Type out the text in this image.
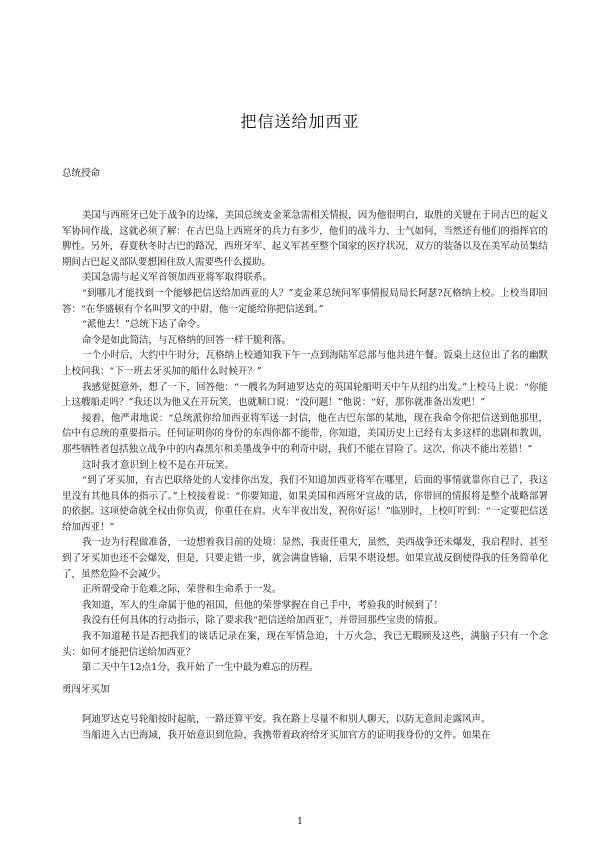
把信送给加西亚
总统授命

美国与西班牙已处于战争的边缘，美国总统麦金莱急需相关情报，因为他很明白，取胜的关键在于同古巴的起义军协同作战，这就必须了解：在古巴岛上西班牙的兵力有多少，他们的战斗力、士气如何，当然还有他们的指挥官的脾性。另外，春夏秋冬时古巴的路况，西班牙军、起义军甚至整个国家的医疗状况，双方的装备以及在美军动员集结期间古巴起义部队要想困住敌人需要些什么援助。

美国急需与起义军首领加西亚将军取得联系。

“到哪儿才能找到一个能够把信送给加西亚的人？”麦金莱总统问军事情报局局长阿瑟?瓦格纳上校。上校当即回答：“在华盛顿有个名叫罗文的中尉，他一定能给你把信送到。”

“派他去！”总统下达了命令。

命令是如此简洁，与瓦格纳的回答一样干脆利落。

一个小时后，大约中午时分，瓦格纳上校通知我下午一点到海陆军总部与他共进午餐。饭桌上这位出了名的幽默上校问我：“下一班去牙买加的船什么时候开？”

我感觉挺意外，想了一下，回答他：“一艘名为阿迪罗达克的英国轮船明天中午从纽约出发。”上校马上说：“你能上这艘船走吗？”我还以为他又在开玩笑，也就顺口说：“没问题！”他说：“好，那你就准备出发吧！”

接着，他严肃地说：“总统派你给加西亚将军送一封信，他在古巴东部的某地，现在我命令你把信送到他那里，信中有总统的重要指示。任何证明你的身份的东西你都不能带，你知道，美国历史上已经有太多这样的悲剧和教训，那些牺牲者包括独立战争中的内森黑尔和美墨战争中的利奇中尉，我们不能在冒险了。这次，你决不能出差错！”

这时我才意识到上校不是在开玩笑。

“到了牙买加，有古巴联络处的人安排你出发，我们不知道加西亚将军在哪里，后面的事情就靠你自己了，我这里没有其他具体的指示了。”上校接着说：“你要知道，如果美国和西班牙宣战的话，你带回的情报将是整个战略部署的依据。这项使命就全权由你负责，你重任在肩。火车半夜出发，祝你好运！”临别时，上校叮咛到：“一定要把信送给加西亚！”

我一边为行程做准备，一边想着我目前的处境：显然，我责任重大，虽然，美西战争还未爆发，我启程时、甚至到了牙买加也还不会爆发，但是，只要走错一步，就会满盘皆输，后果不堪设想。如果宣战反倒使得我的任务简单化了，虽然危险不会减少。

正所谓受命于危难之际，荣誉和生命系于一发。

我知道，军人的生命属于他的祖国，但他的荣誉掌握在自己手中，考验我的时候到了！

我没有任何具体的行动指示，除了要求我“把信送给加西亚”，并带回那些宝贵的情报。

我不知道秘书是否把我们的谈话记录在案，现在军情急迫，十万火急，我已无暇顾及这些，满脑子只有一个念头：如何才能把信送给加西亚？

第二天中午12点1分，我开始了一生中最为难忘的历程。

勇闯牙买加

阿迪罗达克号轮船按时起航，一路还算平安。我在路上尽量不和别人聊天，以防无意间走露风声。

当船进入古巴海域，我开始意识到危险，我携带着政府给牙买加官方的证明我身份的文件。如果在

1
